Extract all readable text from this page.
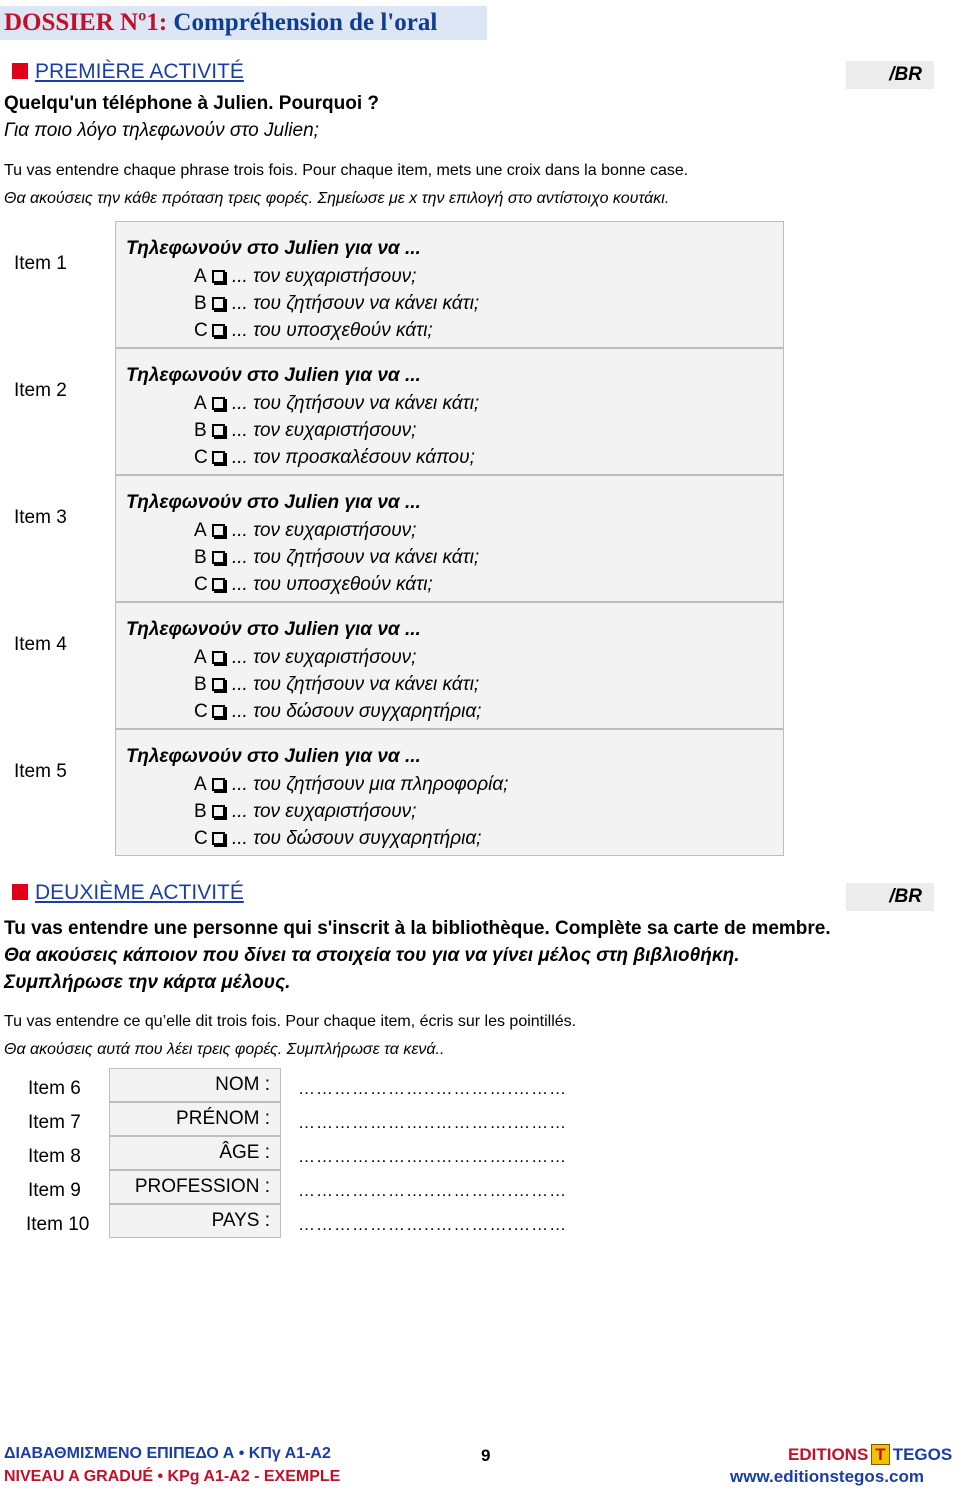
DOSSIER Nº1: Compréhension de l'oral
PREMIÈRE ACTIVITÉ	/BR
Quelqu'un téléphone à Julien. Pourquoi ?
Για ποιο λόγο τηλεφωνούν στο Julien;
Tu vas entendre chaque phrase trois fois. Pour chaque item, mets une croix dans la bonne case.
Θα ακούσεις την κάθε πρόταση τρεις φορές. Σημείωσε με x την επιλογή στο αντίστοιχο κουτάκι.
Item 1
Τηλεφωνούν στο Julien για να ...
A ... τον ευχαριστήσουν;
B ... του ζητήσουν να κάνει κάτι;
C ... του υποσχεθούν κάτι;
Item 2
Τηλεφωνούν στο Julien για να ...
A ... του ζητήσουν να κάνει κάτι;
B ... τον ευχαριστήσουν;
C ... τον προσκαλέσουν κάπου;
Item 3
Τηλεφωνούν στο Julien για να ...
A ... τον ευχαριστήσουν;
B ... του ζητήσουν να κάνει κάτι;
C ... του υποσχεθούν κάτι;
Item 4
Τηλεφωνούν στο Julien για να ...
A ... τον ευχαριστήσουν;
B ... του ζητήσουν να κάνει κάτι;
C ... του δώσουν συγχαρητήρια;
Item 5
Τηλεφωνούν στο Julien για να ...
A ... του ζητήσουν μια πληροφορία;
B ... τον ευχαριστήσουν;
C ... του δώσουν συγχαρητήρια;
DEUXIÈME ACTIVITÉ	/BR
Tu vas entendre une personne qui s'inscrit à la bibliothèque. Complète sa carte de membre.
Θα ακούσεις κάποιον που δίνει τα στοιχεία του για να γίνει μέλος στη βιβλιοθήκη.
Συμπλήρωσε την κάρτα μέλους.
Tu vas entendre ce qu’elle dit trois fois. Pour chaque item, écris sur les pointillés.
Θα ακούσεις αυτά που λέει τρεις φορές. Συμπλήρωσε τα κενά..
Item 6	NOM :	…………………..………….………
Item 7	PRÉNOM :	…………………..………….………
Item 8	ÂGE :	…………………..………….………
Item 9	PROFESSION :	…………………..………….………
Item 10	PAYS :	…………………..………….………
ΔΙΑΒΑΘΜΙΣΜΕΝΟ ΕΠΙΠΕΔΟ Α • ΚΠγ Α1-Α2
NIVEAU A GRADUÉ • KPg A1-A2 - EXEMPLE
9	EDITIONS T TEGOS
www.editionstegos.com
